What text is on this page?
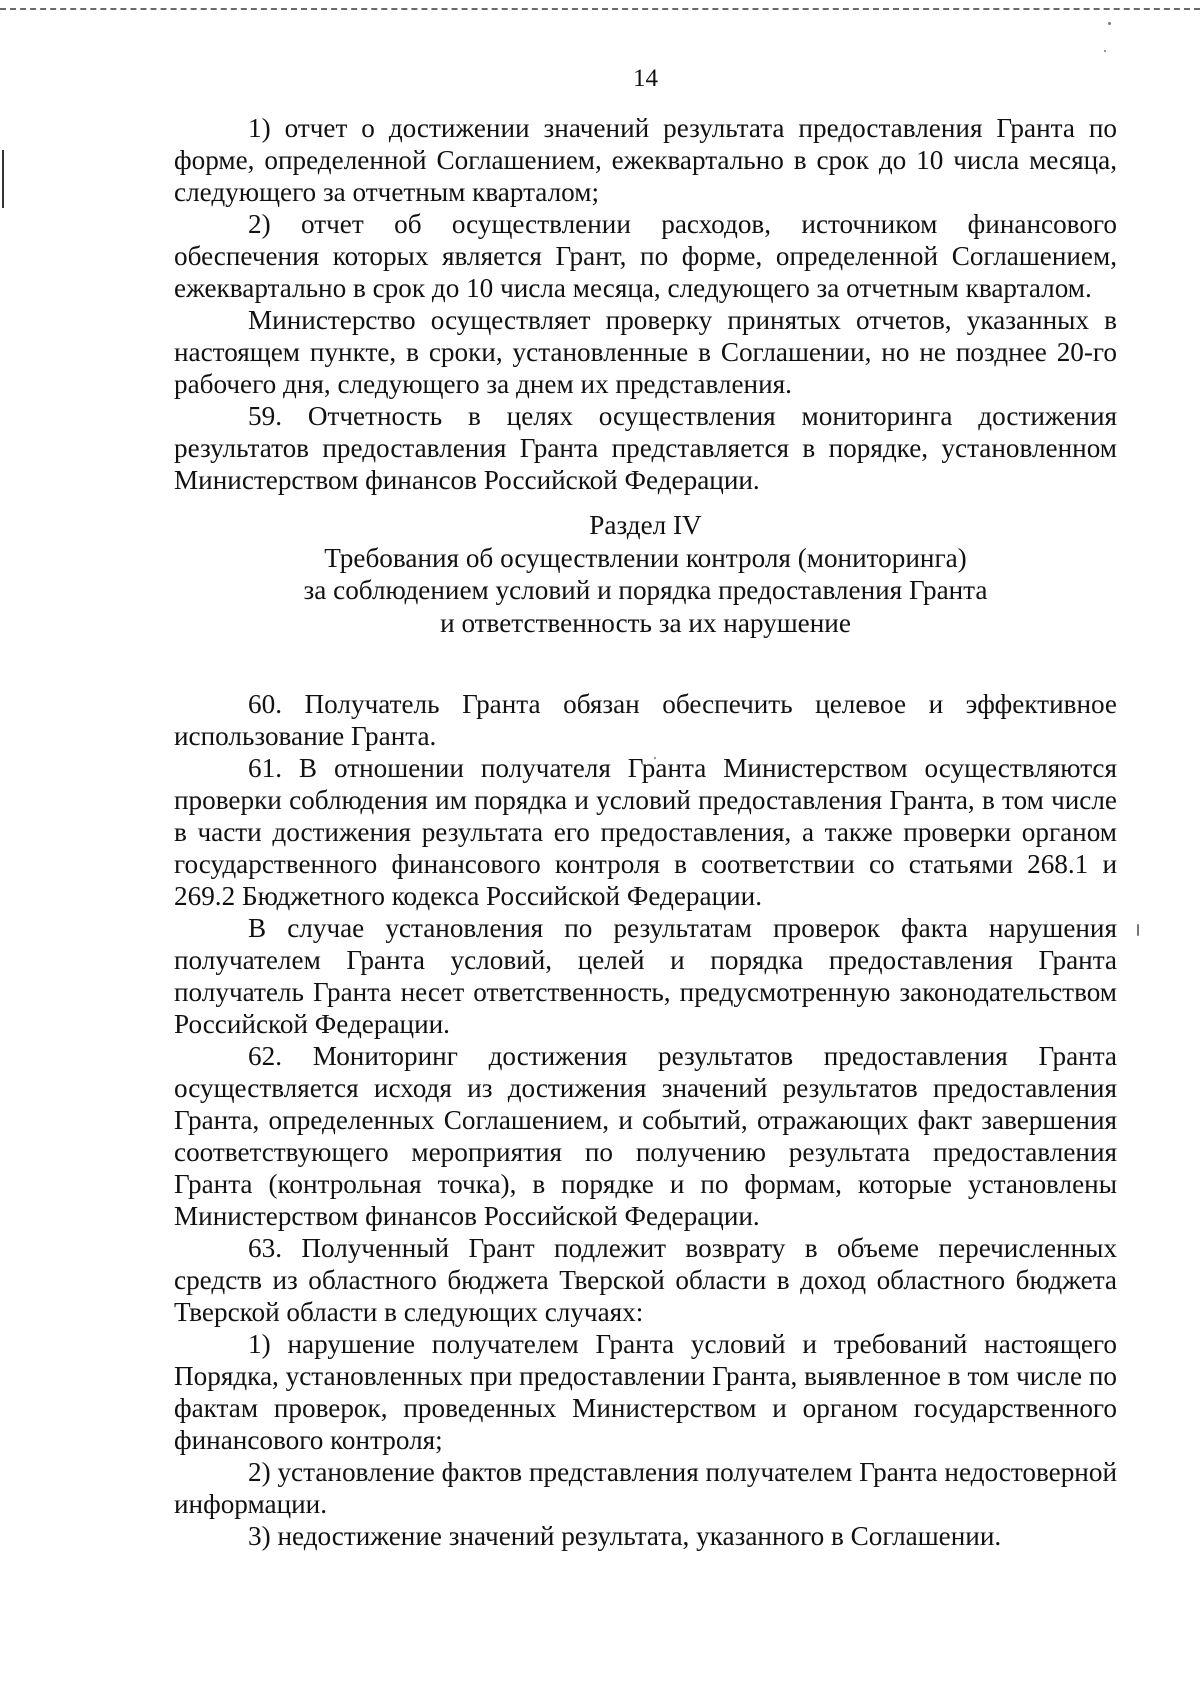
14

1) отчет о достижении значений результата предоставления Гранта по форме, определенной Соглашением, ежеквартально в срок до 10 числа месяца, следующего за отчетным кварталом;

2) отчет об осуществлении расходов, источником финансового обеспечения которых является Грант, по форме, определенной Соглашением, ежеквартально в срок до 10 числа месяца, следующего за отчетным кварталом.

Министерство осуществляет проверку принятых отчетов, указанных в настоящем пункте, в сроки, установленные в Соглашении, но не позднее 20-го рабочего дня, следующего за днем их представления.

59. Отчетность в целях осуществления мониторинга достижения результатов предоставления Гранта представляется в порядке, установленном Министерством финансов Российской Федерации.

Раздел IV
Требования об осуществлении контроля (мониторинга)
за соблюдением условий и порядка предоставления Гранта
и ответственность за их нарушение

60. Получатель Гранта обязан обеспечить целевое и эффективное использование Гранта.

61. В отношении получателя Гранта Министерством осуществляются проверки соблюдения им порядка и условий предоставления Гранта, в том числе в части достижения результата его предоставления, а также проверки органом государственного финансового контроля в соответствии со статьями 268.1 и 269.2 Бюджетного кодекса Российской Федерации.

В случае установления по результатам проверок факта нарушения получателем Гранта условий, целей и порядка предоставления Гранта получатель Гранта несет ответственность, предусмотренную законодательством Российской Федерации.

62. Мониторинг достижения результатов предоставления Гранта осуществляется исходя из достижения значений результатов предоставления Гранта, определенных Соглашением, и событий, отражающих факт завершения соответствующего мероприятия по получению результата предоставления Гранта (контрольная точка), в порядке и по формам, которые установлены Министерством финансов Российской Федерации.

63. Полученный Грант подлежит возврату в объеме перечисленных средств из областного бюджета Тверской области в доход областного бюджета Тверской области в следующих случаях:

1) нарушение получателем Гранта условий и требований настоящего Порядка, установленных при предоставлении Гранта, выявленное в том числе по фактам проверок, проведенных Министерством и органом государственного финансового контроля;

2) установление фактов представления получателем Гранта недостоверной информации.

3) недостижение значений результата, указанного в Соглашении.
